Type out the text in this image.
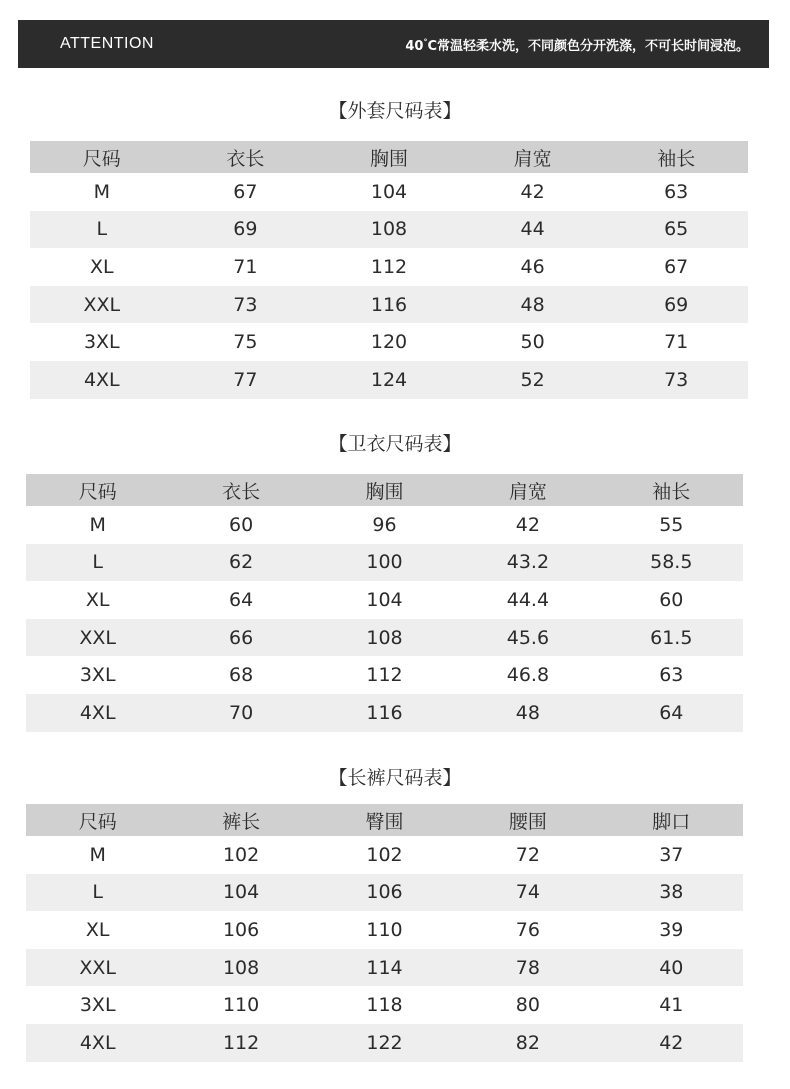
ATTENTION	40°C常温轻柔水洗，不同颜色分开洗涤，不可长时间浸泡。
【外套尺码表】
尺码	衣长	胸围	肩宽	袖长
M	67	104	42	63
L	69	108	44	65
XL	71	112	46	67
XXL	73	116	48	69
3XL	75	120	50	71
4XL	77	124	52	73
【卫衣尺码表】
尺码	衣长	胸围	肩宽	袖长
M	60	96	42	55
L	62	100	43.2	58.5
XL	64	104	44.4	60
XXL	66	108	45.6	61.5
3XL	68	112	46.8	63
4XL	70	116	48	64
【长裤尺码表】
尺码	裤长	臀围	腰围	脚口
M	102	102	72	37
L	104	106	74	38
XL	106	110	76	39
XXL	108	114	78	40
3XL	110	118	80	41
4XL	112	122	82	42
